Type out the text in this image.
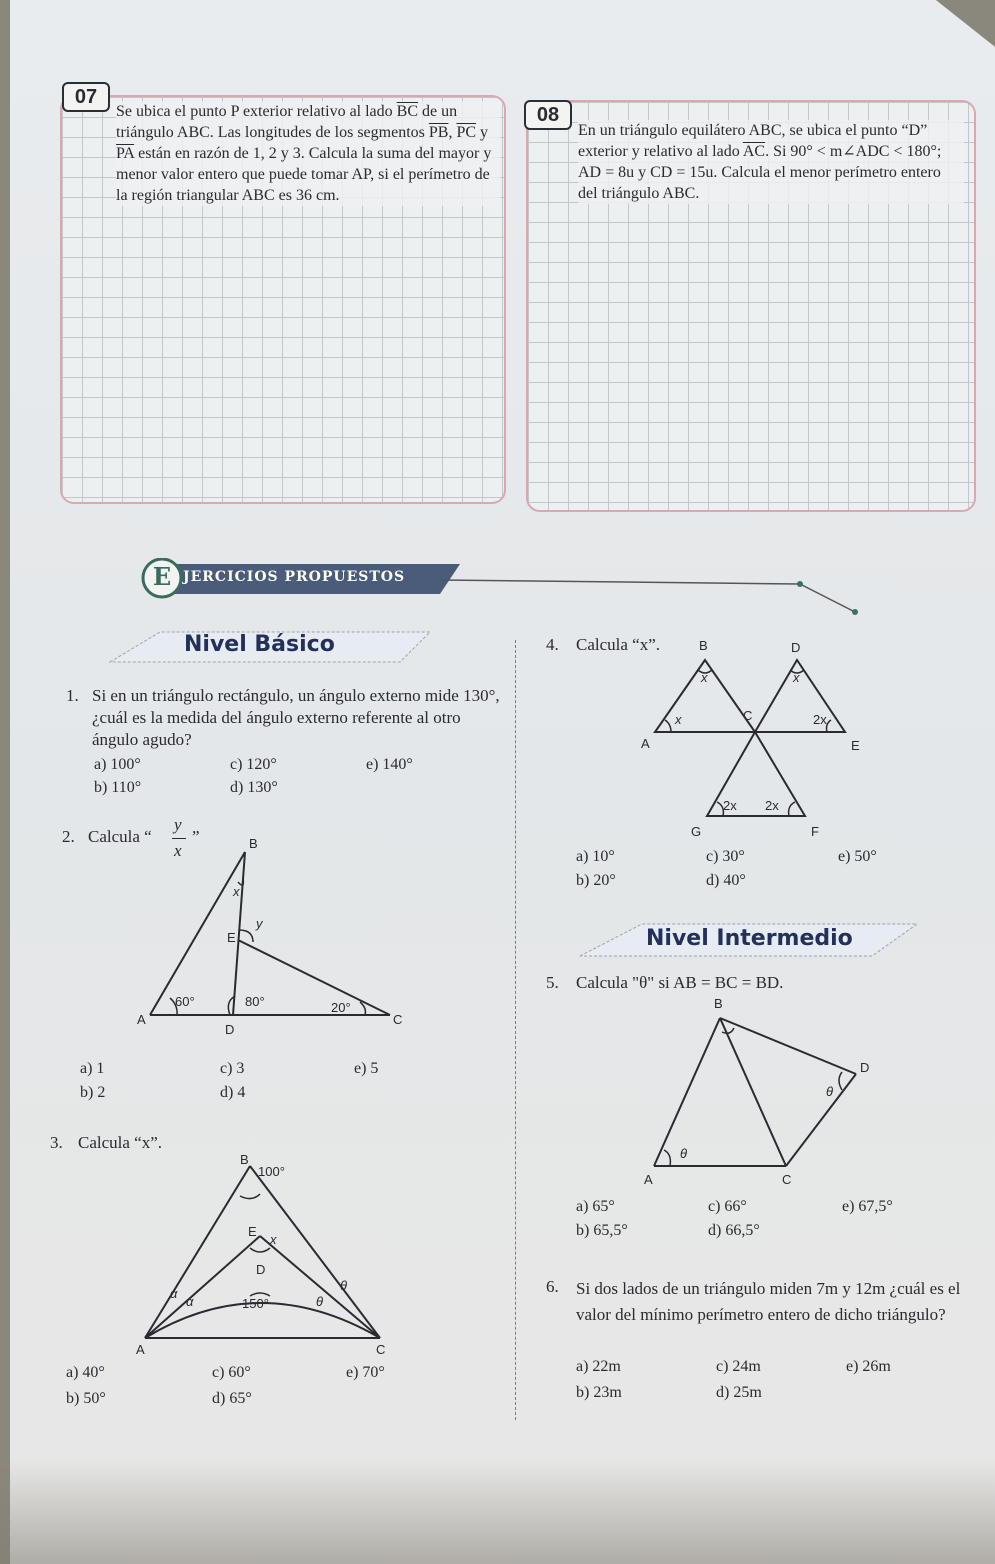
07
Se ubica el punto P exterior relativo al lado $\overline{BC}$ de un triángulo ABC. Las longitudes de los segmentos $\overline{PB}$, $\overline{PC}$ y $\overline{PA}$ están en razón de 1, 2 y 3. Calcula la suma del mayor y menor valor entero que puede tomar AP, si el perímetro de la región triangular ABC es 36 cm.
08
En un triángulo equilátero ABC, se ubica el punto “D” exterior y relativo al lado $\overline{AC}$. Si 90° < m∠ADC < 180°; AD = 8u y CD = 15u. Calcula el menor perímetro entero del triángulo ABC.
E JERCICIOS PROPUESTOS
Nivel Básico
1. Si en un triángulo rectángulo, un ángulo externo mide 130°, ¿cuál es la medida del ángulo externo referente al otro ángulo agudo?
a) 100°
b) 110°
c) 120°
d) 130°
e) 140°
2. Calcula “
y
x
”	B
E
A
D
C
x
y
60°	80°	20°
a) 1
b) 2
c) 3
d) 4
e) 5
3. Calcula “x”.
B
100°
E
x
D
150°
α
α	θ
θ
A	C
a) 40°
b) 50°
c) 60°
d) 65°
e) 70°
4. Calcula “x”.	B	D
A
C
E
G	F
x	x
x	2x
2x 2x
a) 10°
b) 20°
c) 30°
d) 40°
e) 50°
Nivel Intermedio
5. Calcula "θ" si AB = BC = BD.
B
D
A	C
θ
θ
a) 65°
b) 65,5°
c) 66°
d) 66,5°
e) 67,5°
6. Si dos lados de un triángulo miden 7m y 12m ¿cuál es el valor del mínimo perímetro entero de dicho triángulo?
a) 22m
b) 23m
c) 24m
d) 25m
e) 26m
